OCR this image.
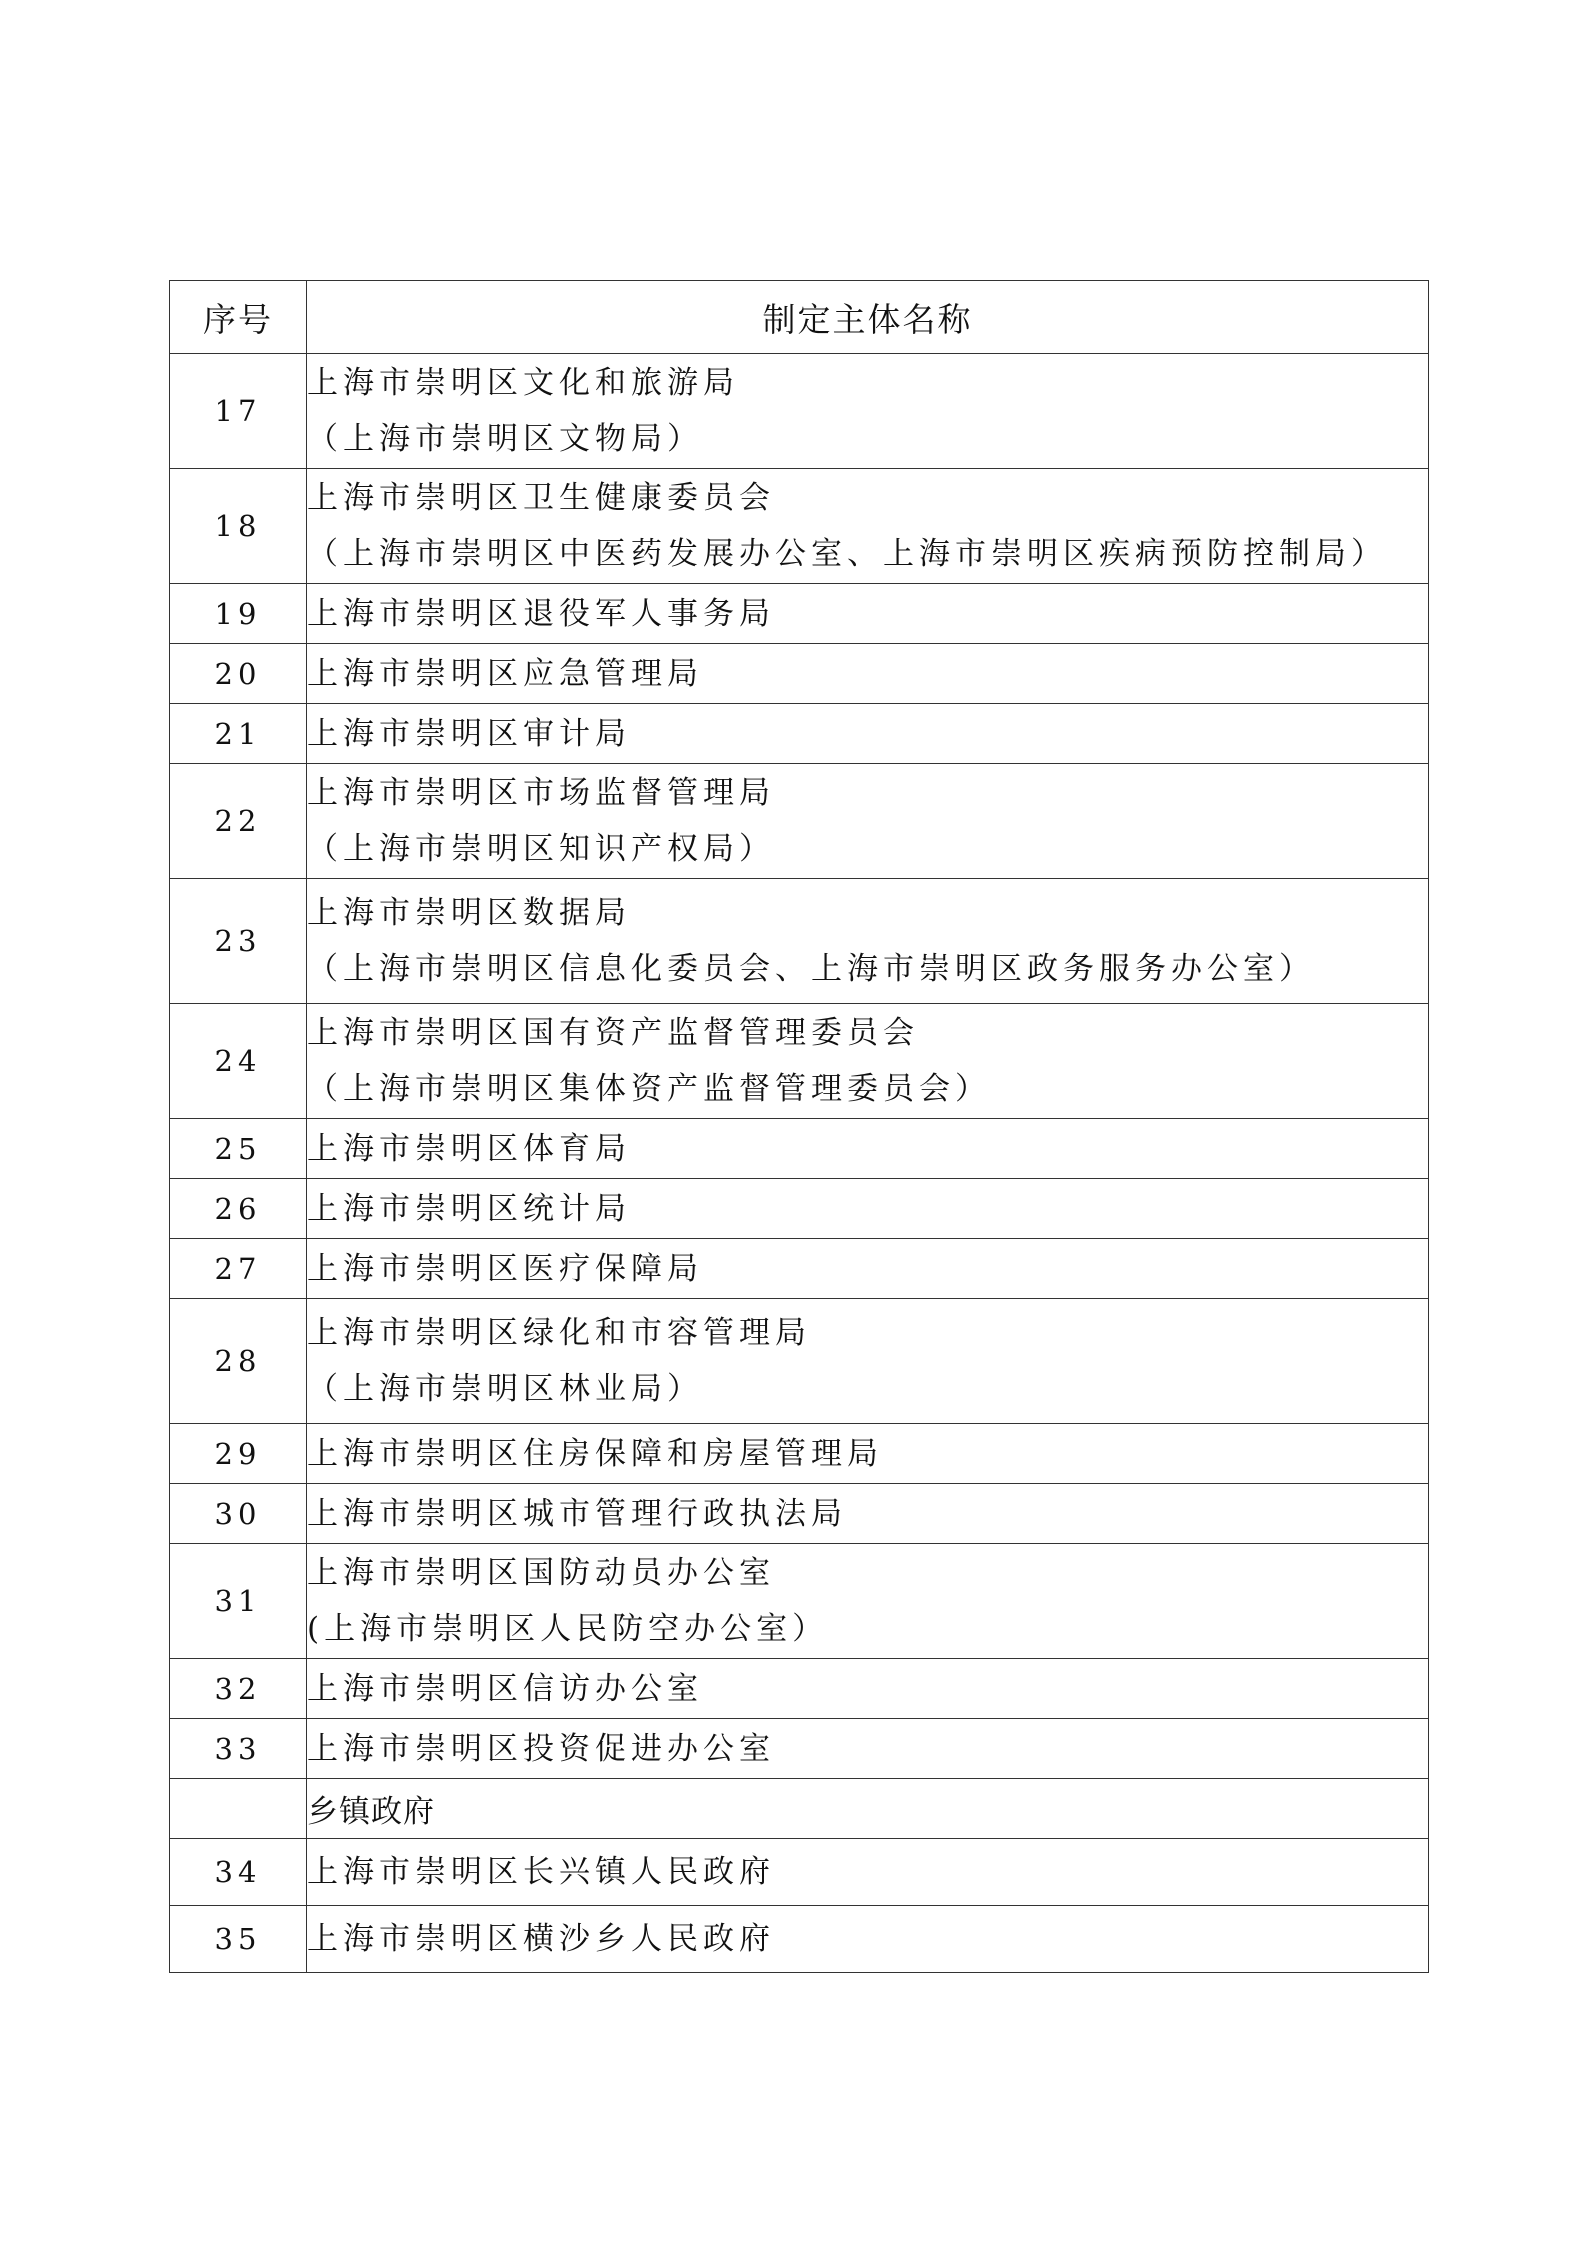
序号	制定主体名称
17	上海市崇明区文化和旅游局
（上海市崇明区文物局）

18	上海市崇明区卫生健康委员会
（上海市崇明区中医药发展办公室、上海市崇明区疾病预防控制局）

19	上海市崇明区退役军人事务局

20	上海市崇明区应急管理局

21	上海市崇明区审计局

22	上海市崇明区市场监督管理局
（上海市崇明区知识产权局）

23	上海市崇明区数据局
（上海市崇明区信息化委员会、上海市崇明区政务服务办公室）

24	上海市崇明区国有资产监督管理委员会
（上海市崇明区集体资产监督管理委员会）

25	上海市崇明区体育局

26	上海市崇明区统计局

27	上海市崇明区医疗保障局

28	上海市崇明区绿化和市容管理局
（上海市崇明区林业局）

29	上海市崇明区住房保障和房屋管理局

30	上海市崇明区城市管理行政执法局

31	上海市崇明区国防动员办公室
(上海市崇明区人民防空办公室）

32	上海市崇明区信访办公室

33	上海市崇明区投资促进办公室

	乡镇政府
34	上海市崇明区长兴镇人民政府

35	上海市崇明区横沙乡人民政府
